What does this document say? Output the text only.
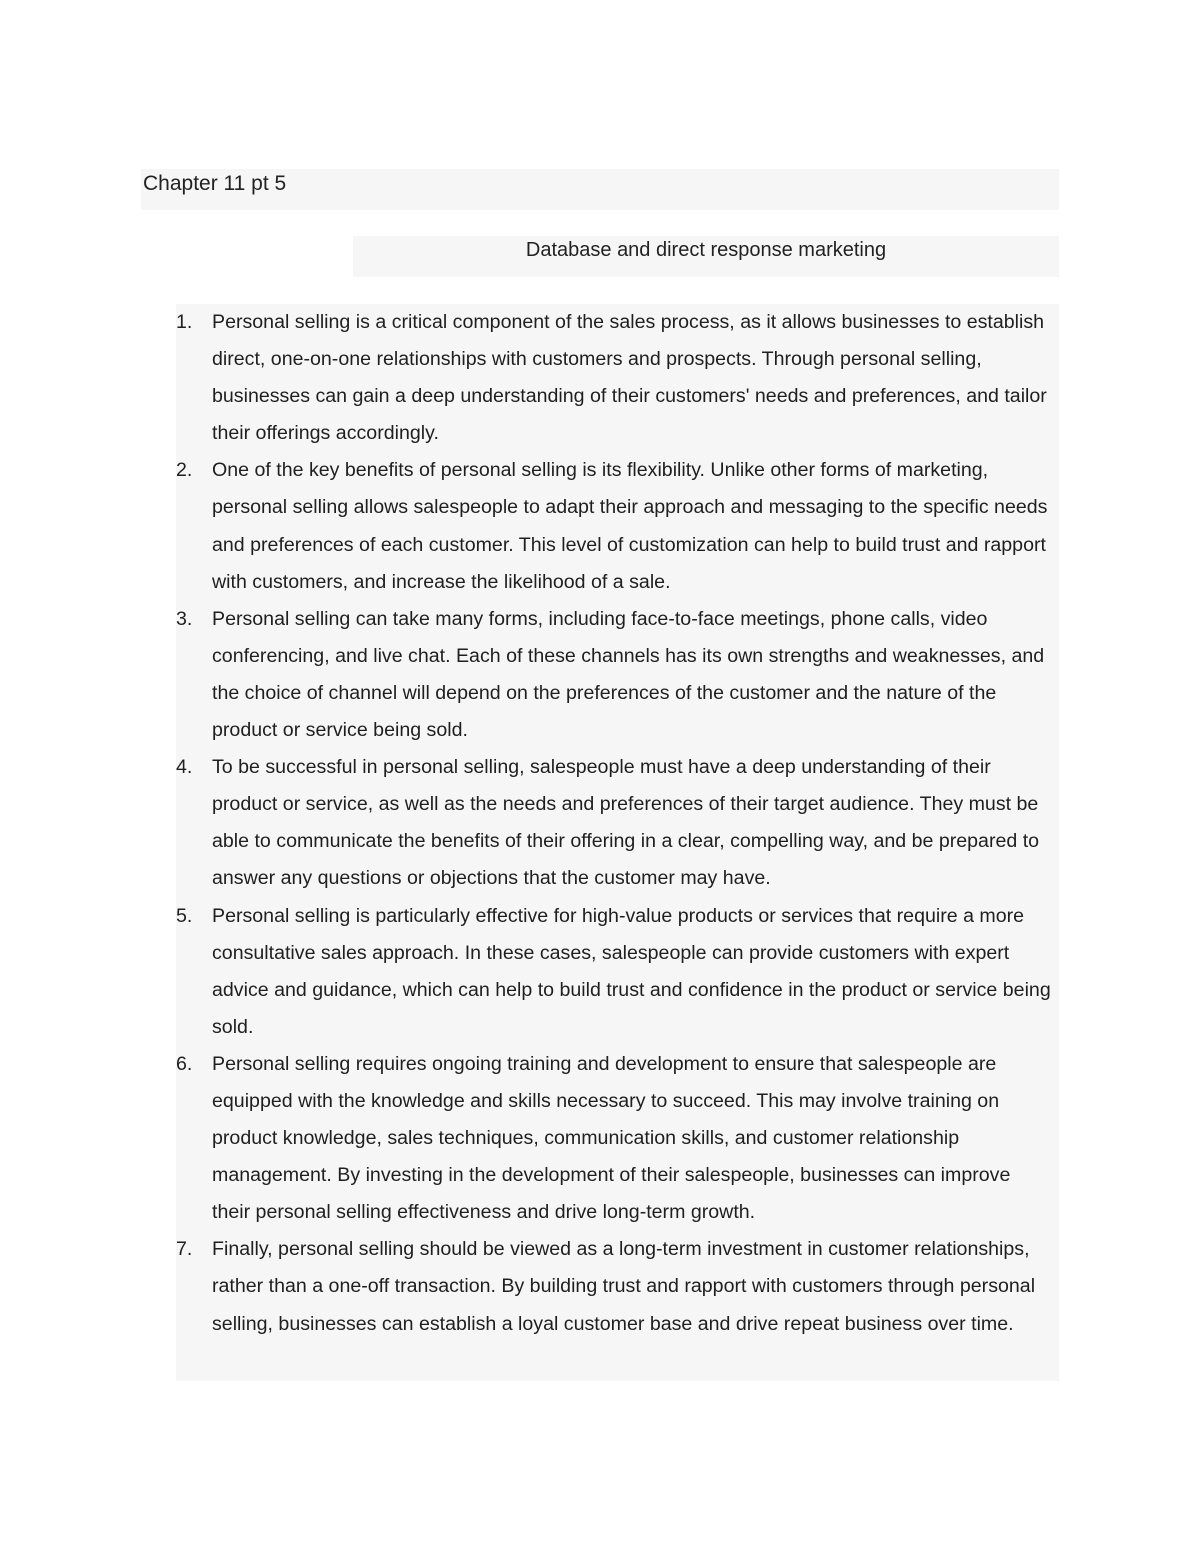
Chapter 11 pt 5
Database and direct response marketing
1. Personal selling is a critical component of the sales process, as it allows businesses to establish direct, one-on-one relationships with customers and prospects. Through personal selling, businesses can gain a deep understanding of their customers' needs and preferences, and tailor their offerings accordingly.
2. One of the key benefits of personal selling is its flexibility. Unlike other forms of marketing, personal selling allows salespeople to adapt their approach and messaging to the specific needs and preferences of each customer. This level of customization can help to build trust and rapport with customers, and increase the likelihood of a sale.
3. Personal selling can take many forms, including face-to-face meetings, phone calls, video conferencing, and live chat. Each of these channels has its own strengths and weaknesses, and the choice of channel will depend on the preferences of the customer and the nature of the product or service being sold.
4. To be successful in personal selling, salespeople must have a deep understanding of their product or service, as well as the needs and preferences of their target audience. They must be able to communicate the benefits of their offering in a clear, compelling way, and be prepared to answer any questions or objections that the customer may have.
5. Personal selling is particularly effective for high-value products or services that require a more consultative sales approach. In these cases, salespeople can provide customers with expert advice and guidance, which can help to build trust and confidence in the product or service being sold.
6. Personal selling requires ongoing training and development to ensure that salespeople are equipped with the knowledge and skills necessary to succeed. This may involve training on product knowledge, sales techniques, communication skills, and customer relationship management. By investing in the development of their salespeople, businesses can improve their personal selling effectiveness and drive long-term growth.
7. Finally, personal selling should be viewed as a long-term investment in customer relationships, rather than a one-off transaction. By building trust and rapport with customers through personal selling, businesses can establish a loyal customer base and drive repeat business over time.
